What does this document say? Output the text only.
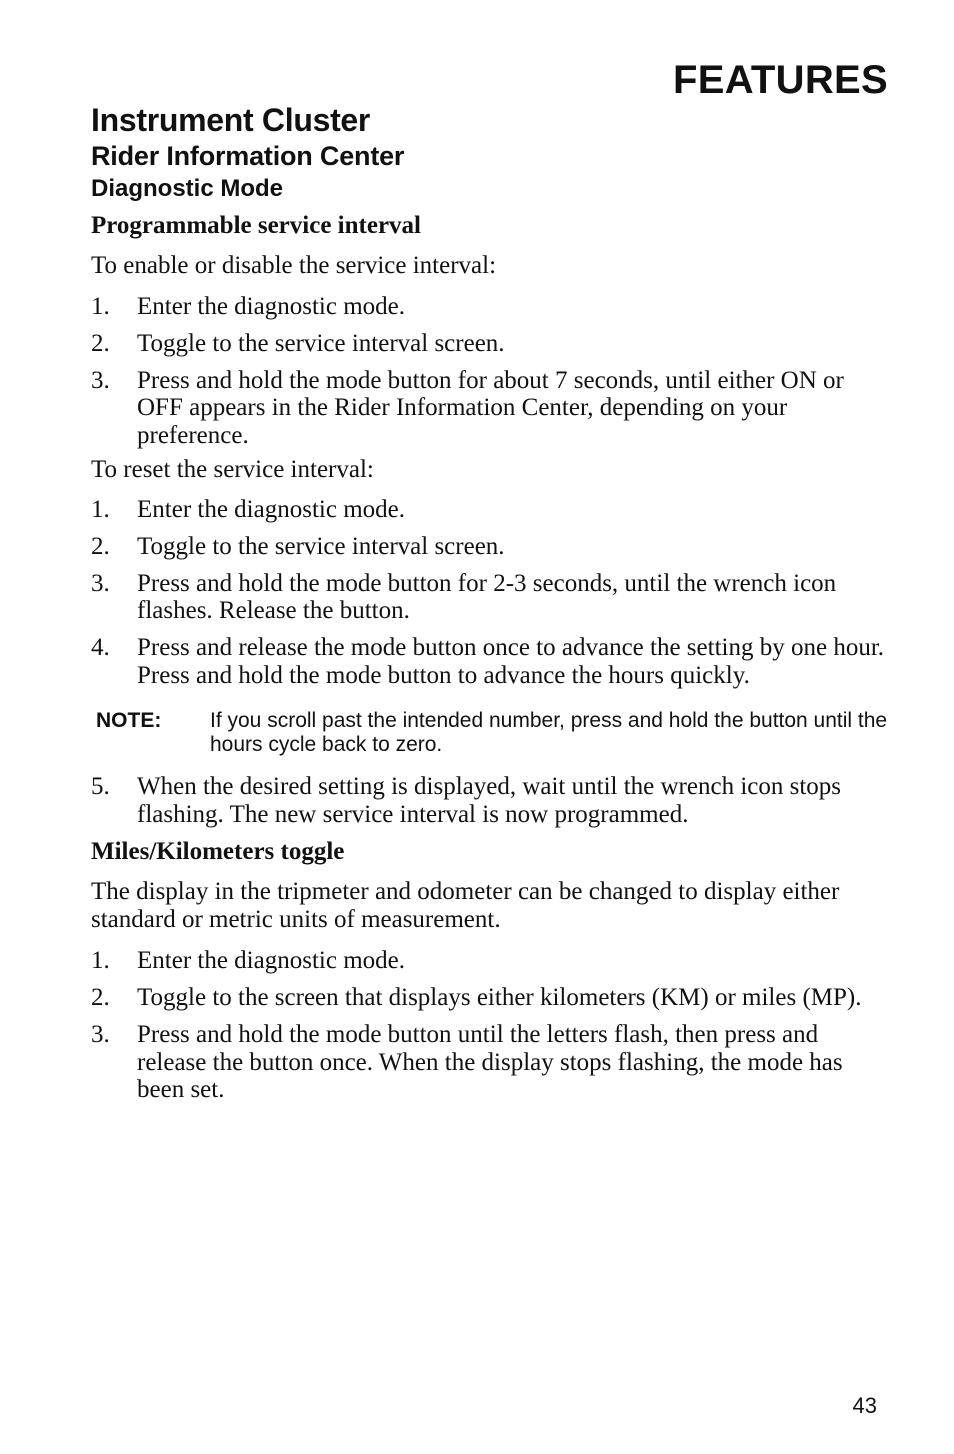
FEATURES
Instrument Cluster
Rider Information Center
Diagnostic Mode
Programmable service interval

To enable or disable the service interval:

1. Enter the diagnostic mode.
2. Toggle to the service interval screen.
3. Press and hold the mode button for about 7 seconds, until either ON or OFF appears in the Rider Information Center, depending on your preference.

To reset the service interval:

1. Enter the diagnostic mode.
2. Toggle to the service interval screen.
3. Press and hold the mode button for 2-3 seconds, until the wrench icon flashes. Release the button.
4. Press and release the mode button once to advance the setting by one hour. Press and hold the mode button to advance the hours quickly.
NOTE: If you scroll past the intended number, press and hold the button until the hours cycle back to zero.
5. When the desired setting is displayed, wait until the wrench icon stops flashing. The new service interval is now programmed.
Miles/Kilometers toggle

The display in the tripmeter and odometer can be changed to display either standard or metric units of measurement.

1. Enter the diagnostic mode.
2. Toggle to the screen that displays either kilometers (KM) or miles (MP).
3. Press and hold the mode button until the letters flash, then press and release the button once. When the display stops flashing, the mode has been set.
43
